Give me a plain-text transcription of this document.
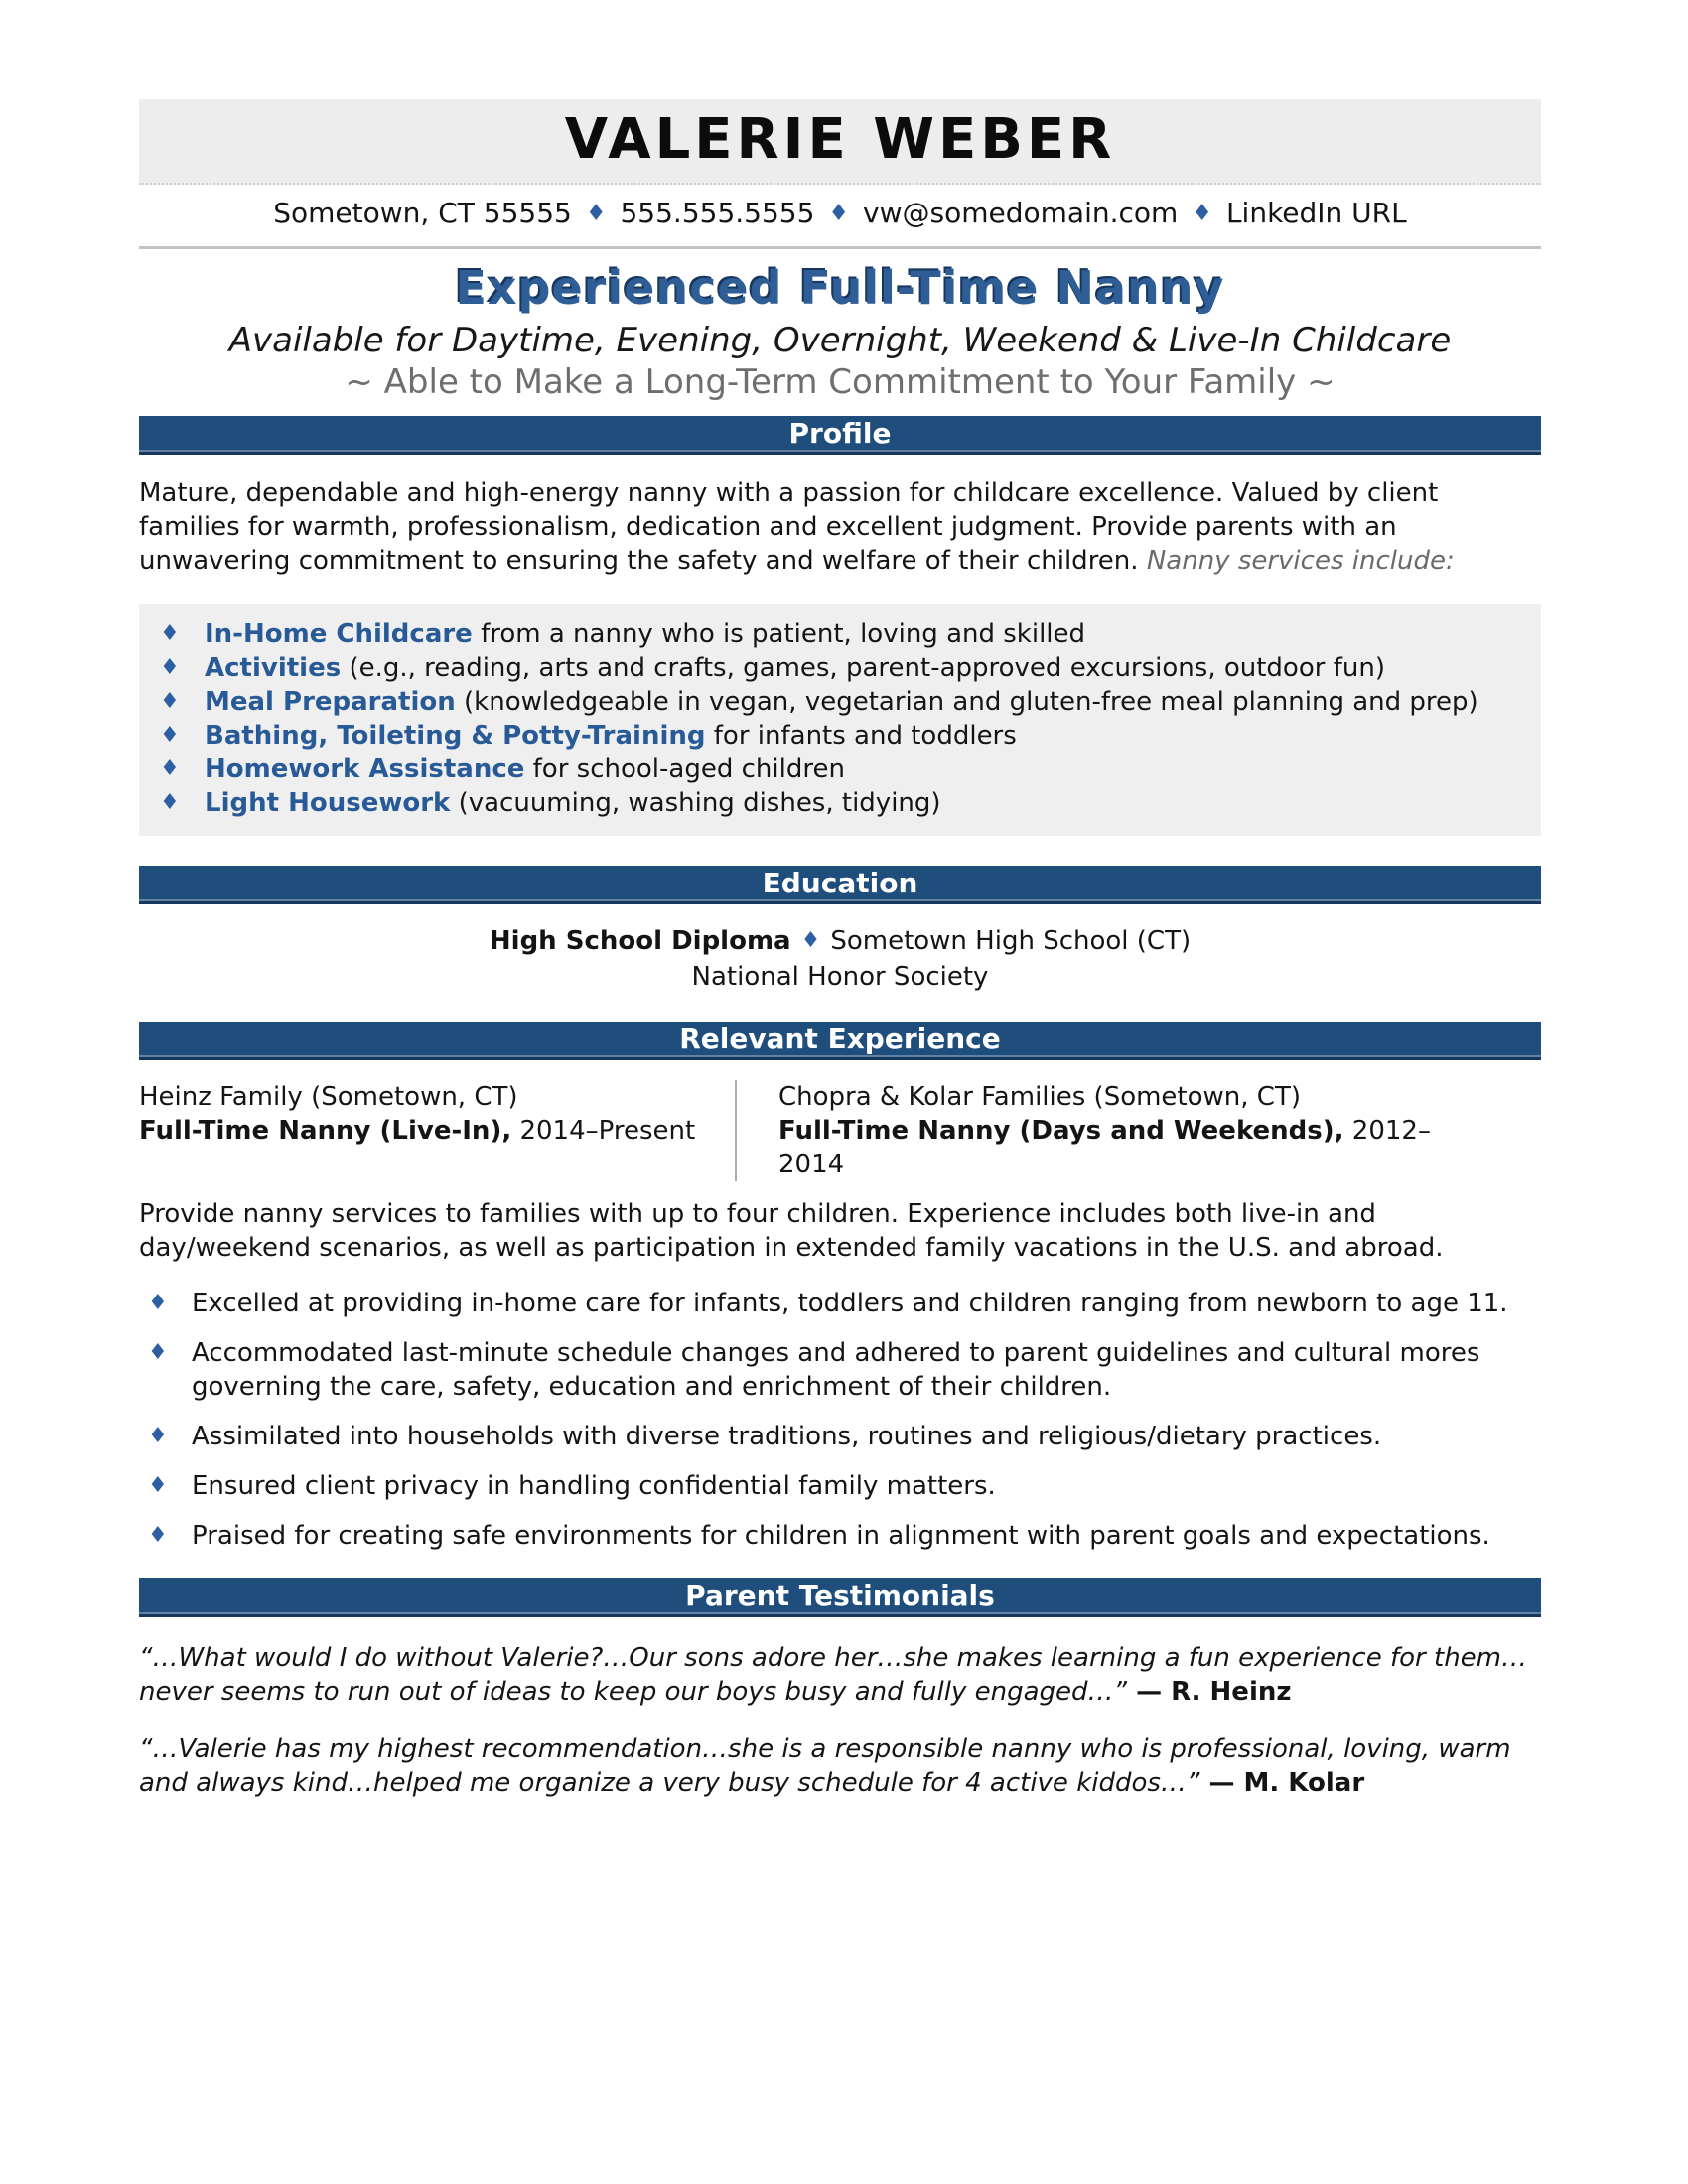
VALERIE WEBER
Sometown, CT 55555 ♦ 555.555.5555 ♦ vw@somedomain.com ♦ LinkedIn URL
Experienced Full-Time Nanny
Available for Daytime, Evening, Overnight, Weekend & Live-In Childcare
~ Able to Make a Long-Term Commitment to Your Family ~
Profile

Mature, dependable and high-energy nanny with a passion for childcare excellence. Valued by client families for warmth, professionalism, dedication and excellent judgment. Provide parents with an unwavering commitment to ensuring the safety and welfare of their children. Nanny services include:

♦ In-Home Childcare from a nanny who is patient, loving and skilled
♦ Activities (e.g., reading, arts and crafts, games, parent-approved excursions, outdoor fun)
♦ Meal Preparation (knowledgeable in vegan, vegetarian and gluten-free meal planning and prep)
♦ Bathing, Toileting & Potty-Training for infants and toddlers
♦ Homework Assistance for school-aged children
♦ Light Housework (vacuuming, washing dishes, tidying)
Education
High School Diploma ♦ Sometown High School (CT)
National Honor Society
Relevant Experience
Heinz Family (Sometown, CT)
Full-Time Nanny (Live-In), 2014–Present
Chopra & Kolar Families (Sometown, CT)
Full-Time Nanny (Days and Weekends), 2012–2014

Provide nanny services to families with up to four children. Experience includes both live-in and day/weekend scenarios, as well as participation in extended family vacations in the U.S. and abroad.

♦ Excelled at providing in-home care for infants, toddlers and children ranging from newborn to age 11.
♦ Accommodated last-minute schedule changes and adhered to parent guidelines and cultural mores governing the care, safety, education and enrichment of their children.
♦ Assimilated into households with diverse traditions, routines and religious/dietary practices.
♦ Ensured client privacy in handling confidential family matters.
♦ Praised for creating safe environments for children in alignment with parent goals and expectations.
Parent Testimonials

“…What would I do without Valerie?…Our sons adore her…she makes learning a fun experience for them…never seems to run out of ideas to keep our boys busy and fully engaged…” — R. Heinz

“…Valerie has my highest recommendation…she is a responsible nanny who is professional, loving, warm and always kind…helped me organize a very busy schedule for 4 active kiddos…” — M. Kolar
